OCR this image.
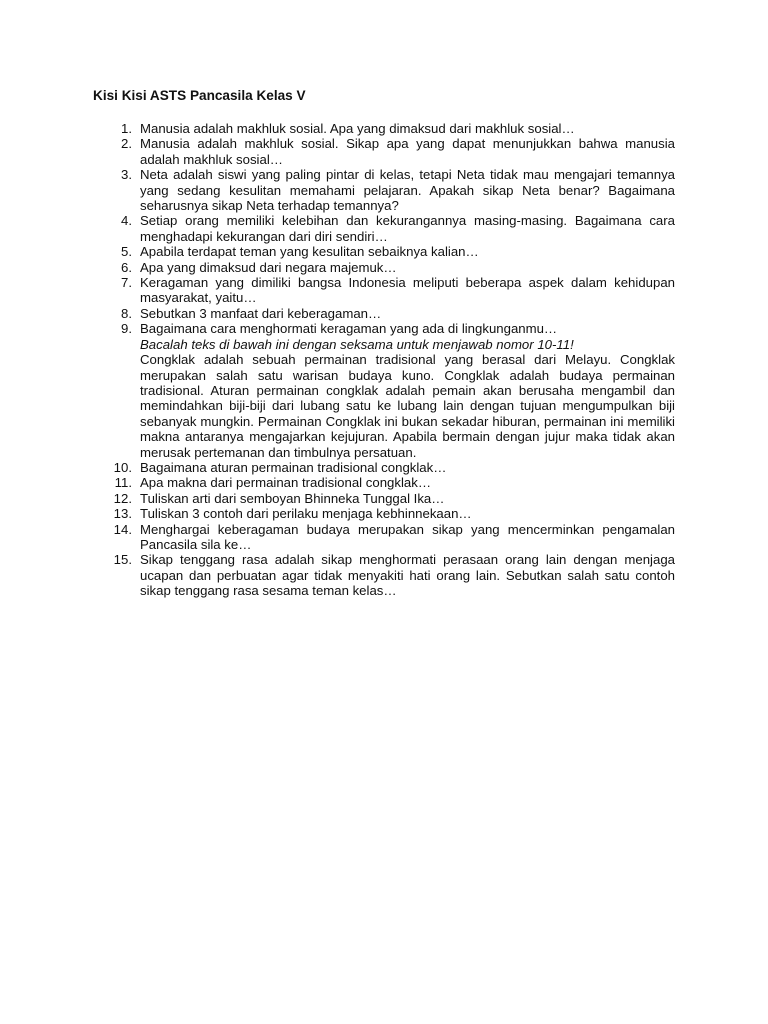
Kisi Kisi ASTS Pancasila Kelas V
1. Manusia adalah makhluk sosial. Apa yang dimaksud dari makhluk sosial…
2. Manusia adalah makhluk sosial. Sikap apa yang dapat menunjukkan bahwa manusia adalah makhluk sosial…
3. Neta adalah siswi yang paling pintar di kelas, tetapi Neta tidak mau mengajari temannya yang sedang kesulitan memahami pelajaran. Apakah sikap Neta benar? Bagaimana seharusnya sikap Neta terhadap temannya?
4. Setiap orang memiliki kelebihan dan kekurangannya masing-masing. Bagaimana cara menghadapi kekurangan dari diri sendiri…
5. Apabila terdapat teman yang kesulitan sebaiknya kalian…
6. Apa yang dimaksud dari negara majemuk…
7. Keragaman yang dimiliki bangsa Indonesia meliputi beberapa aspek dalam kehidupan masyarakat, yaitu…
8. Sebutkan 3 manfaat dari keberagaman…
9. Bagaimana cara menghormati keragaman yang ada di lingkunganmu…
Bacalah teks di bawah ini dengan seksama untuk menjawab nomor 10-11!
Congklak adalah sebuah permainan tradisional yang berasal dari Melayu. Congklak merupakan salah satu warisan budaya kuno. Congklak adalah budaya permainan tradisional. Aturan permainan congklak adalah pemain akan berusaha mengambil dan memindahkan biji-biji dari lubang satu ke lubang lain dengan tujuan mengumpulkan biji sebanyak mungkin. Permainan Congklak ini bukan sekadar hiburan, permainan ini memiliki makna antaranya mengajarkan kejujuran. Apabila bermain dengan jujur maka tidak akan merusak pertemanan dan timbulnya persatuan.
10. Bagaimana aturan permainan tradisional congklak…
11. Apa makna dari permainan tradisional congklak…
12. Tuliskan arti dari semboyan Bhinneka Tunggal Ika…
13. Tuliskan 3 contoh dari perilaku menjaga kebhinnekaan…
14. Menghargai keberagaman budaya merupakan sikap yang mencerminkan pengamalan Pancasila sila ke…
15. Sikap tenggang rasa adalah sikap menghormati perasaan orang lain dengan menjaga ucapan dan perbuatan agar tidak menyakiti hati orang lain. Sebutkan salah satu contoh sikap tenggang rasa sesama teman kelas…
